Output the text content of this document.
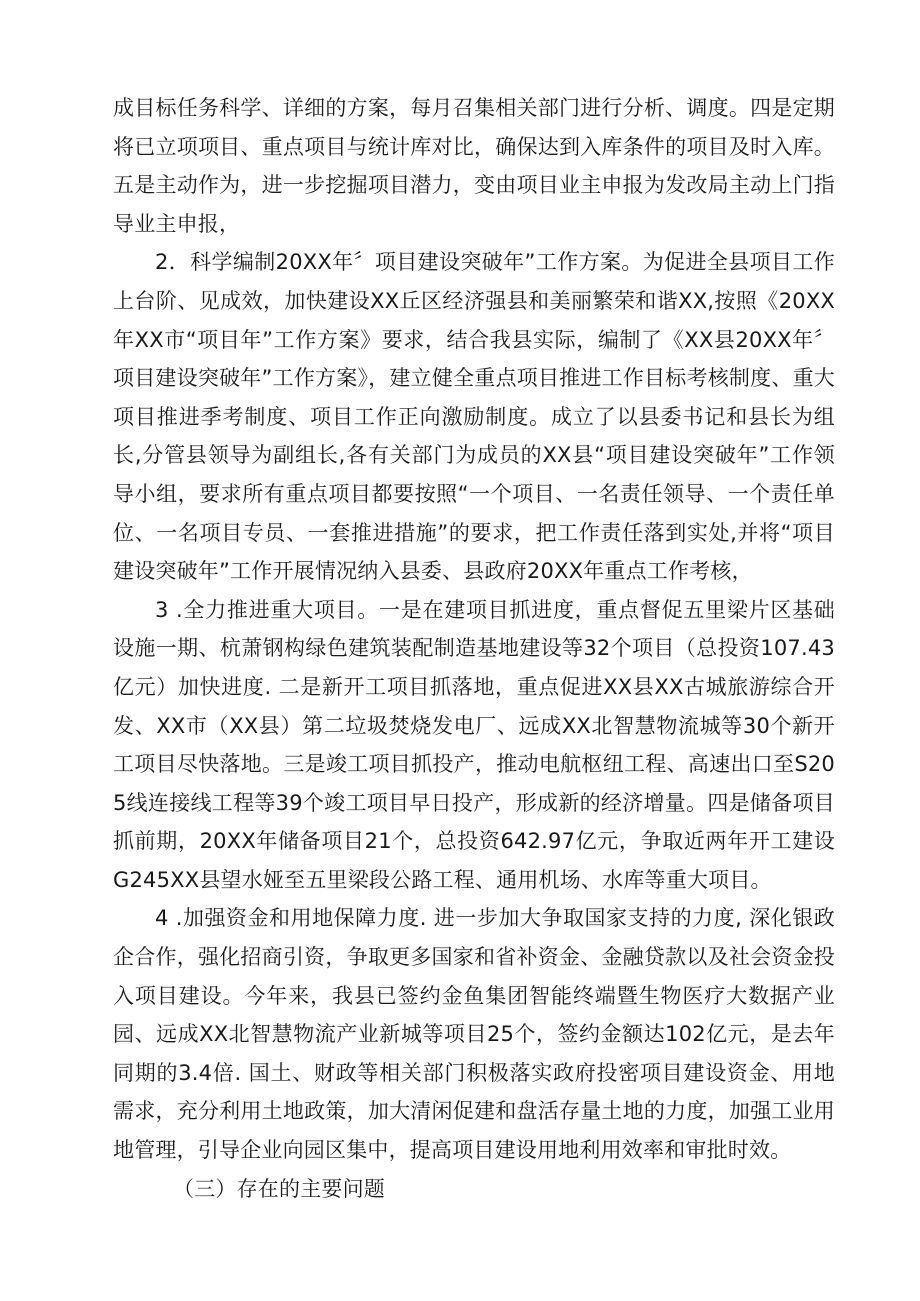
成目标任务科学、详细的方案，每月召集相关部门进行分析、调度。四是定期将已立项项目、重点项目与统计库对比，确保达到入库条件的项目及时入库。五是主动作为，进一步挖掘项目潜力，变由项目业主申报为发改局主动上门指导业主申报，

2．科学编制20XX年〞项目建设突破年”工作方案。为促进全县项目工作上台阶、见成效，加快建设XX丘区经济强县和美丽繁荣和谐XX,按照《20XX年XX市“项目年”工作方案》要求，结合我县实际，编制了《XX县20XX年〞项目建设突破年”工作方案》，建立健全重点项目推进工作目标考核制度、重大项目推进季考制度、项目工作正向激励制度。成立了以县委书记和县长为组长,分管县领导为副组长,各有关部门为成员的XX县“项目建设突破年”工作领导小组，要求所有重点项目都要按照“一个项目、一名责任领导、一个责任单位、一名项目专员、一套推进措施”的要求，把工作责任落到实处,并将“项目建设突破年”工作开展情况纳入县委、县政府20XX年重点工作考核，

3 .全力推进重大项目。一是在建项目抓进度，重点督促五里梁片区基础设施一期、杭萧钢构绿色建筑装配制造基地建设等32个项目（总投资107.43亿元）加快进度. 二是新开工项目抓落地，重点促进XX县XX古城旅游综合开发、XX市（XX县）第二垃圾焚烧发电厂、远成XX北智慧物流城等30个新开工项目尽快落地。三是竣工项目抓投产，推动电航枢纽工程、高速出口至S205线连接线工程等39个竣工项目早日投产，形成新的经济增量。四是储备项目抓前期，20XX年储备项目21个，总投资642.97亿元，争取近两年开工建设G245XX县望水娅至五里梁段公路工程、通用机场、水库等重大项目。

4 .加强资金和用地保障力度. 进一步加大争取国家支持的力度, 深化银政企合作，强化招商引资，争取更多国家和省补资金、金融贷款以及社会资金投入项目建设。今年来，我县已签约金鱼集团智能终端暨生物医疗大数据产业园、远成XX北智慧物流产业新城等项目25个，签约金额达102亿元，是去年同期的3.4倍. 国土、财政等相关部门积极落实政府投密项目建设资金、用地需求，充分利用土地政策，加大清闲促建和盘活存量土地的力度，加强工业用地管理，引导企业向园区集中，提高项目建设用地利用效率和审批时效。

（三）存在的主要问题
